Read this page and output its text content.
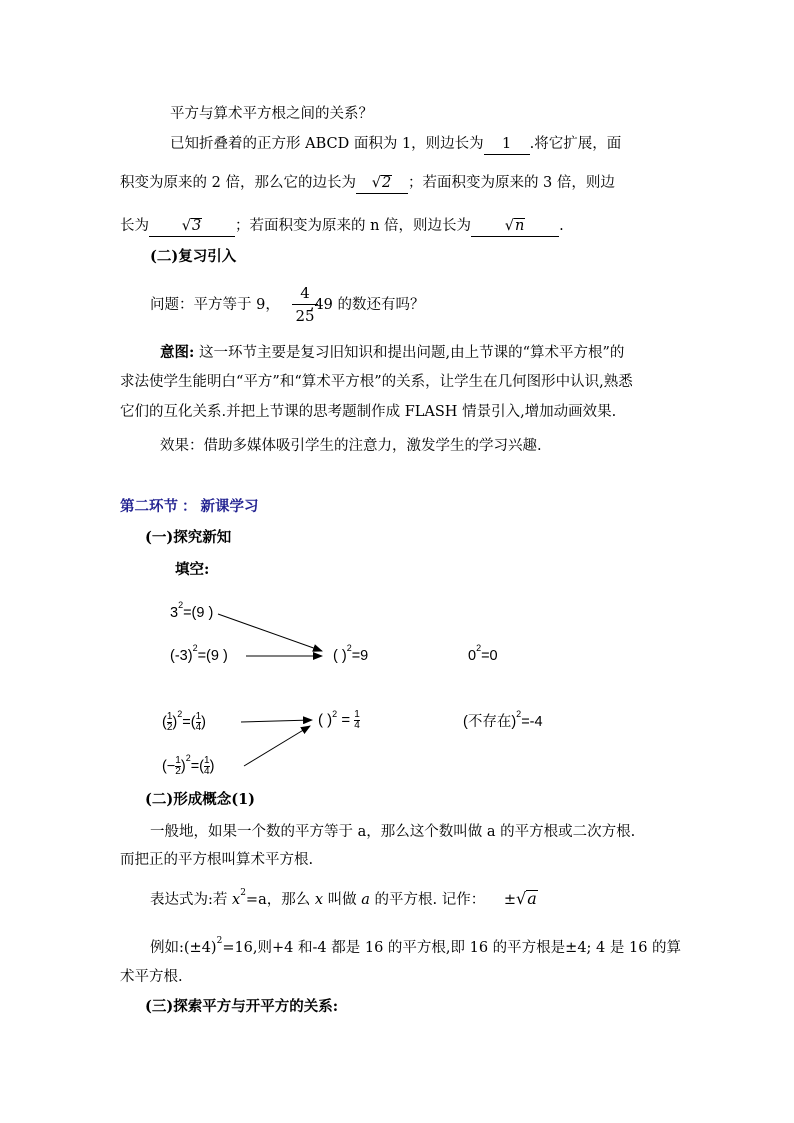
平方与算术平方根之间的关系？
已知折叠着的正方形 ABCD 面积为 1，则边长为 1 .将它扩展，面
积变为原来的 2 倍，那么它的边长为 √2 ；若面积变为原来的 3 倍，则边
长为 √3 ；若面积变为原来的 n 倍，则边长为 √n .
(二)复习引入
问题：平方等于 9， ,49 的数还有吗？
4
25
意图: 这一环节主要是复习旧知识和提出问题,由上节课的“算术平方根”的
求法使学生能明白“平方”和“算术平方根”的关系，让学生在几何图形中认识,熟悉
它们的互化关系.并把上节课的思考题制作成 FLASH 情景引入,增加动画效果.
效果：借助多媒体吸引学生的注意力，激发学生的学习兴趣.
第二环节 ： 新课学习
(一)探究新知
填空:
$3^2=(9$ )
$(-3)^2=(9$ )	( )$^2$=9	$0^2=0$
( $\frac{1}{2} )^2=( \frac{1}{4}$ )
(− $\frac{1}{2} )^2=( \frac{1}{4}$ )
( )$^2 = \frac{1}{4}$	(不存在)$^2$=-4
(二)形成概念(1)
一般地，如果一个数的平方等于 a，那么这个数叫做 a 的平方根或二次方根.
而把正的平方根叫算术平方根.
表达式为:若 $x^2=a$，那么 x 叫做 a 的平方根. 记作： ±√a
例如$:(\pm 4)^2=16$,则+4 和-4 都是 16 的平方根,即 16 的平方根是±4; 4 是 16 的算
术平方根.
(三)探索平方与开平方的关系:
